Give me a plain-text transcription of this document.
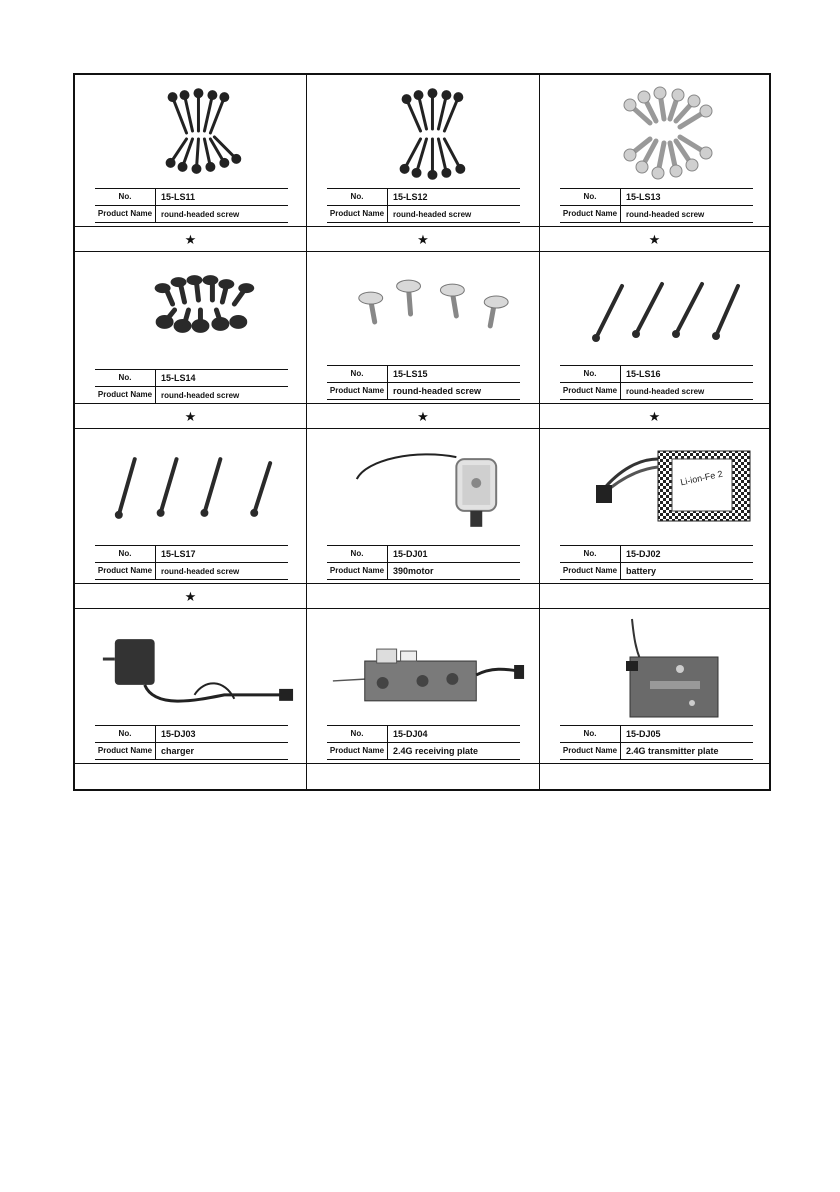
No.	15-LS11
Product Name	round-headed screw
No.	15-LS12
Product Name	round-headed screw
No.	15-LS13
Product Name	round-headed screw
★	★	★
No.	15-LS14
Product Name	round-headed screw
No.	15-LS15
Product Name round-headed screw
No.	15-LS16
Product Name	round-headed screw
★	★	★
No.	15-LS17
Product Name	round-headed screw
No.	15-DJ01
Product Name 390motor
Li-ion-Fe 2
No.	15-DJ02
Product Name battery
★
No.	15-DJ03
Product Name charger
No.	15-DJ04
Product Name 2.4G receiving plate
No.	15-DJ05
Product Name 2.4G transmitter plate
